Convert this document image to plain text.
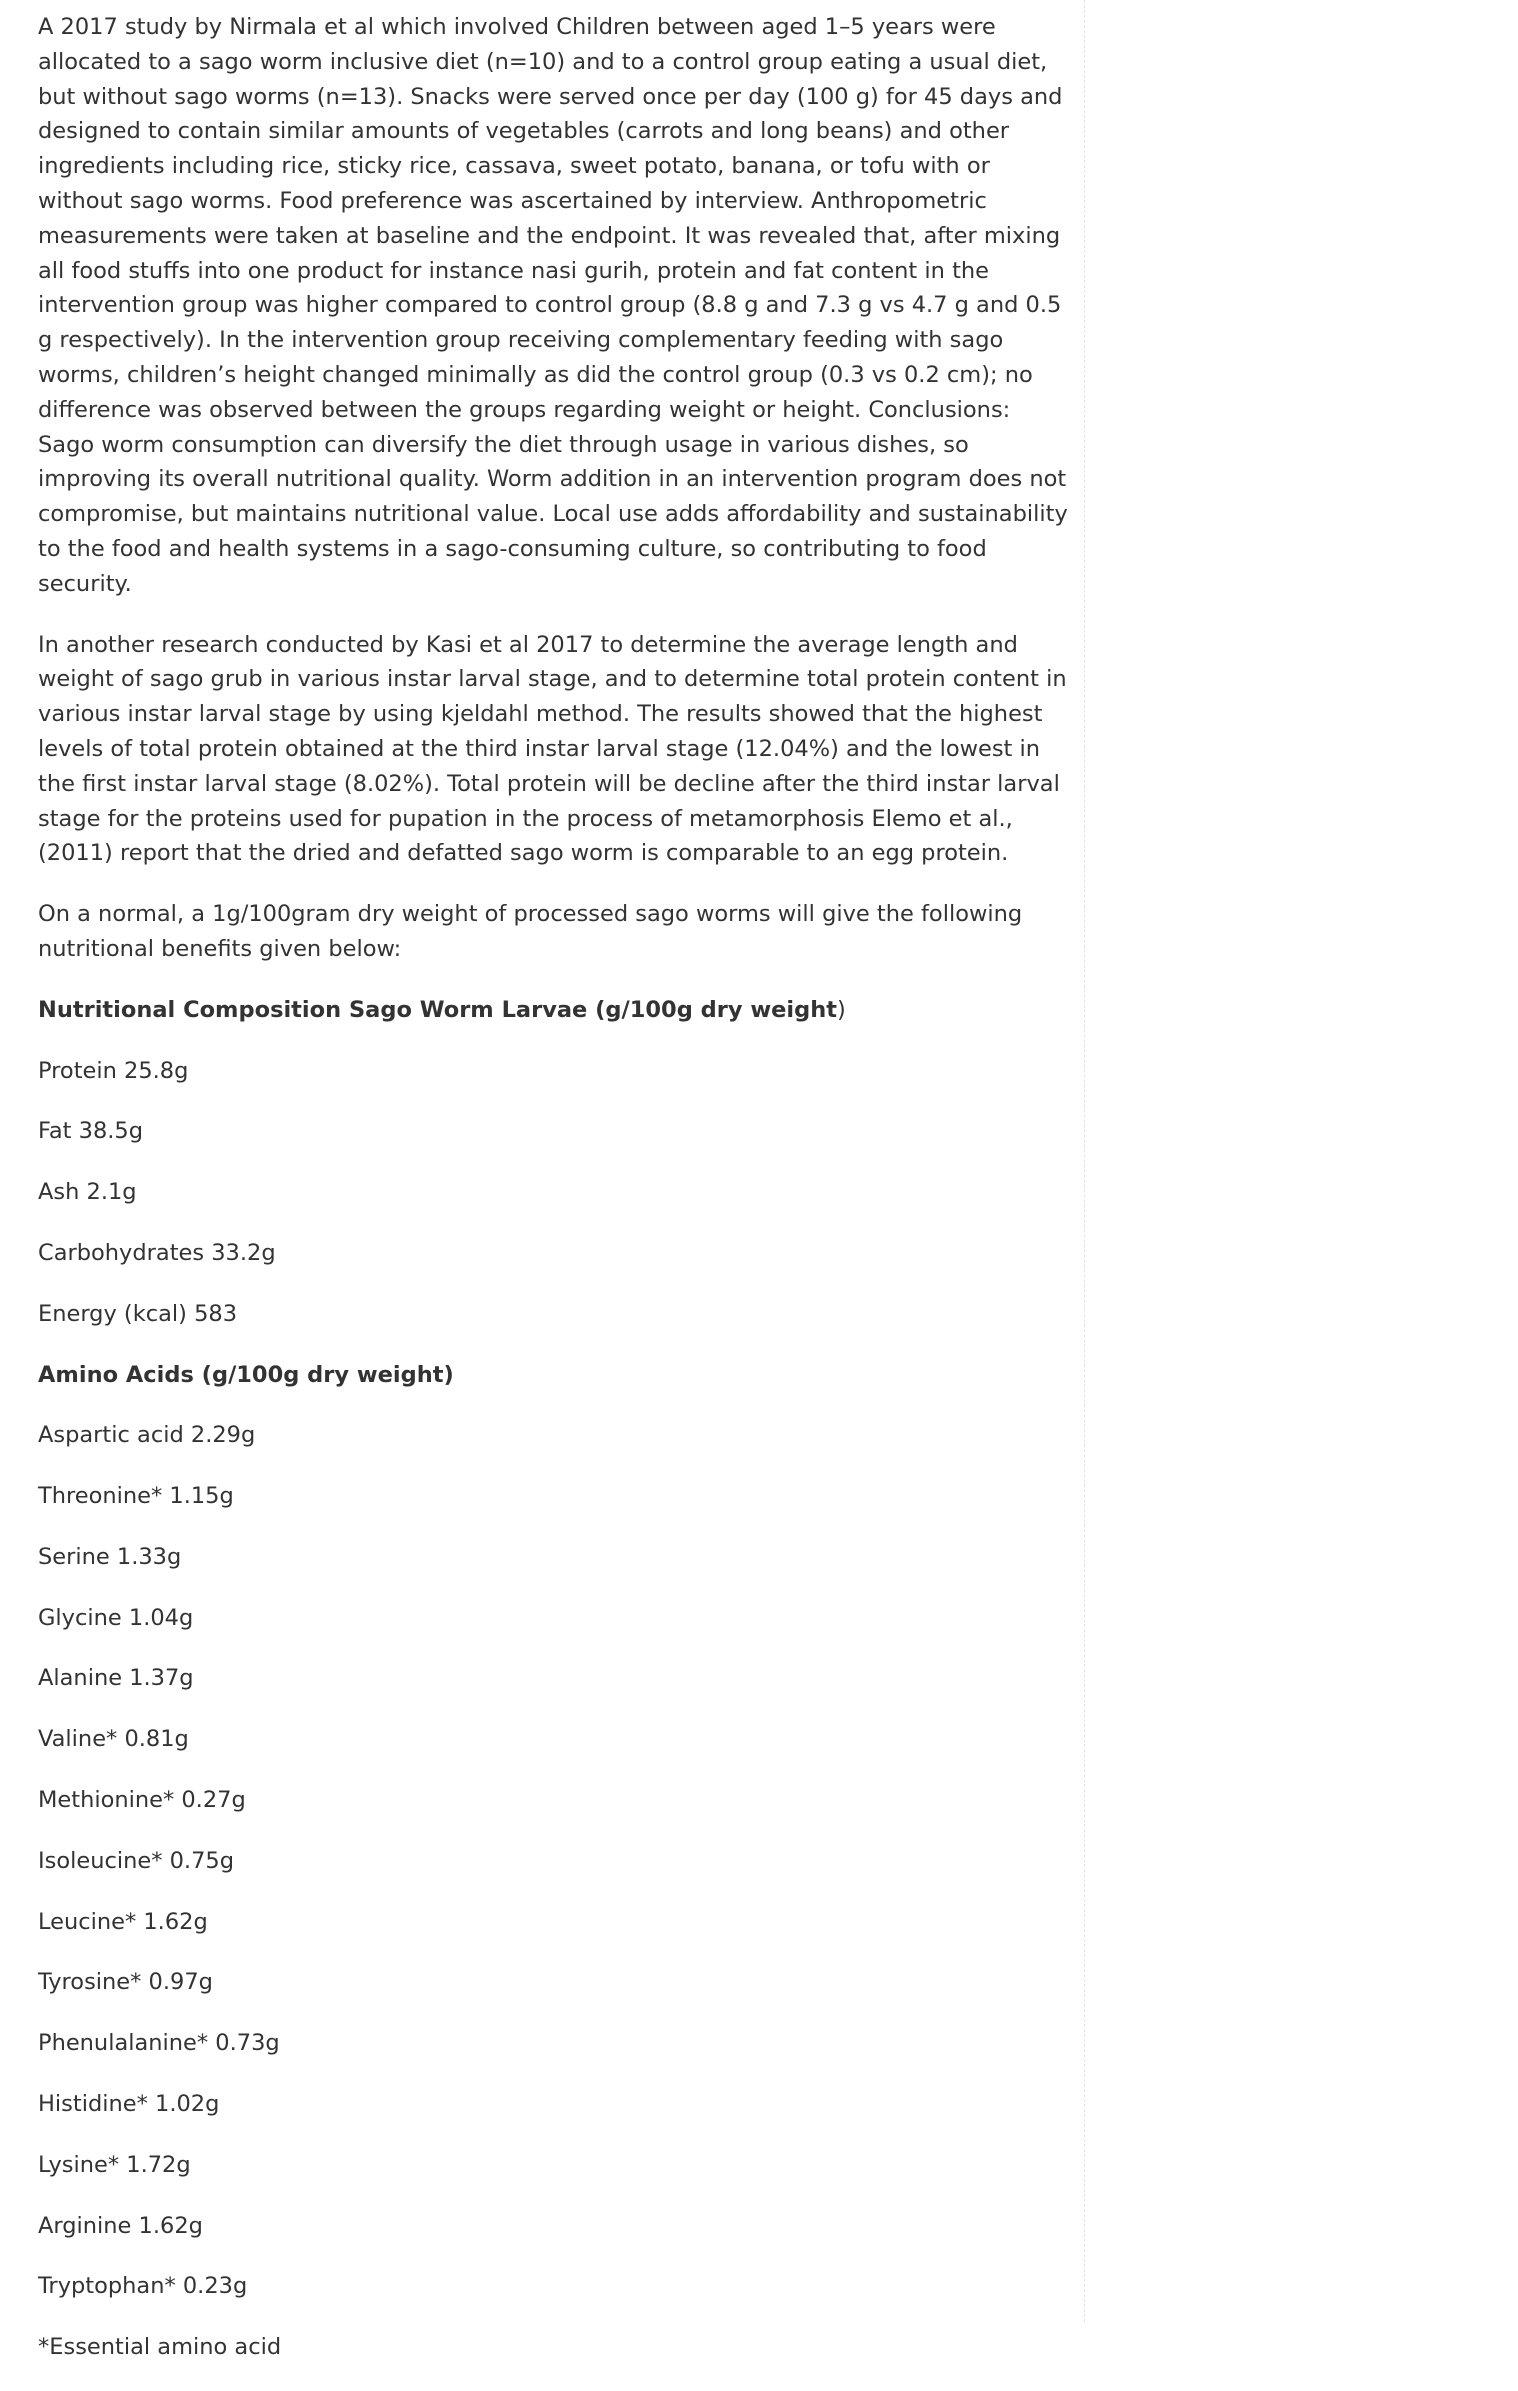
A 2017 study by Nirmala et al which involved Children between aged 1–5 years were allocated to a sago worm inclusive diet (n=10) and to a control group eating a usual diet, but without sago worms (n=13). Snacks were served once per day (100 g) for 45 days and designed to contain similar amounts of vegetables (carrots and long beans) and other ingredients including rice, sticky rice, cassava, sweet potato, banana, or tofu with or without sago worms. Food preference was ascertained by interview. Anthropometric measurements were taken at baseline and the endpoint. It was revealed that, after mixing all food stuffs into one product for instance nasi gurih, protein and fat content in the intervention group was higher compared to control group (8.8 g and 7.3 g vs 4.7 g and 0.5 g respectively). In the intervention group receiving complementary feeding with sago worms, children’s height changed minimally as did the control group (0.3 vs 0.2 cm); no difference was observed between the groups regarding weight or height. Conclusions: Sago worm consumption can diversify the diet through usage in various dishes, so improving its overall nutritional quality. Worm addition in an intervention program does not compromise, but maintains nutritional value. Local use adds affordability and sustainability to the food and health systems in a sago-consuming culture, so contributing to food security.

In another research conducted by Kasi et al 2017 to determine the average length and weight of sago grub in various instar larval stage, and to determine total protein content in various instar larval stage by using kjeldahl method. The results showed that the highest levels of total protein obtained at the third instar larval stage (12.04%) and the lowest in the first instar larval stage (8.02%). Total protein will be decline after the third instar larval stage for the proteins used for pupation in the process of metamorphosis Elemo et al., (2011) report that the dried and defatted sago worm is comparable to an egg protein.

On a normal, a 1g/100gram dry weight of processed sago worms will give the following nutritional benefits given below:

Nutritional Composition Sago Worm Larvae (g/100g dry weight)

Protein 25.8g

Fat 38.5g

Ash 2.1g

Carbohydrates 33.2g

Energy (kcal) 583

Amino Acids (g/100g dry weight)

Aspartic acid 2.29g

Threonine* 1.15g

Serine 1.33g

Glycine 1.04g

Alanine 1.37g

Valine* 0.81g

Methionine* 0.27g

Isoleucine* 0.75g

Leucine* 1.62g

Tyrosine* 0.97g

Phenulalanine* 0.73g

Histidine* 1.02g

Lysine* 1.72g

Arginine 1.62g

Tryptophan* 0.23g

*Essential amino acid
